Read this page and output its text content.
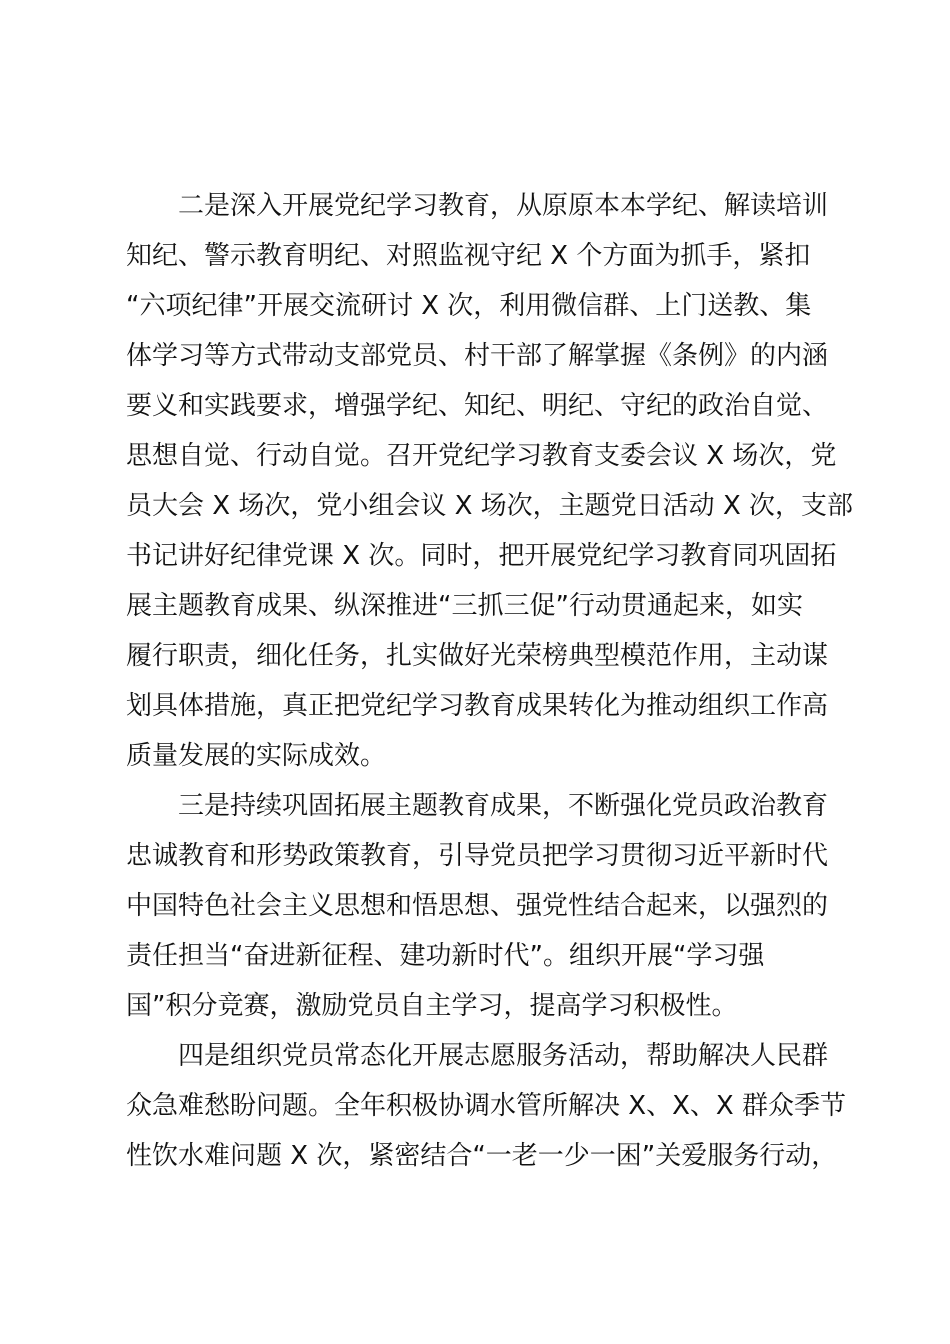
二是深入开展党纪学习教育，从原原本本学纪、解读培训
知纪、警示教育明纪、对照监视守纪 X 个方面为抓手，紧扣
“六项纪律”开展交流研讨 X 次，利用微信群、上门送教、集
体学习等方式带动支部党员、村干部了解掌握《条例》的内涵
要义和实践要求，增强学纪、知纪、明纪、守纪的政治自觉、
思想自觉、行动自觉。召开党纪学习教育支委会议 X 场次，党
员大会 X 场次，党小组会议 X 场次，主题党日活动 X 次，支部
书记讲好纪律党课 X 次。同时，把开展党纪学习教育同巩固拓
展主题教育成果、纵深推进“三抓三促”行动贯通起来，如实
履行职责，细化任务，扎实做好光荣榜典型模范作用，主动谋
划具体措施，真正把党纪学习教育成果转化为推动组织工作高
质量发展的实际成效。
三是持续巩固拓展主题教育成果，不断强化党员政治教育
忠诚教育和形势政策教育，引导党员把学习贯彻习近平新时代
中国特色社会主义思想和悟思想、强党性结合起来，以强烈的
责任担当“奋进新征程、建功新时代”。组织开展“学习强
国”积分竞赛，激励党员自主学习，提高学习积极性。
四是组织党员常态化开展志愿服务活动，帮助解决人民群
众急难愁盼问题。全年积极协调水管所解决 X、X、X 群众季节
性饮水难问题 X 次，紧密结合“一老一少一困”关爱服务行动，
